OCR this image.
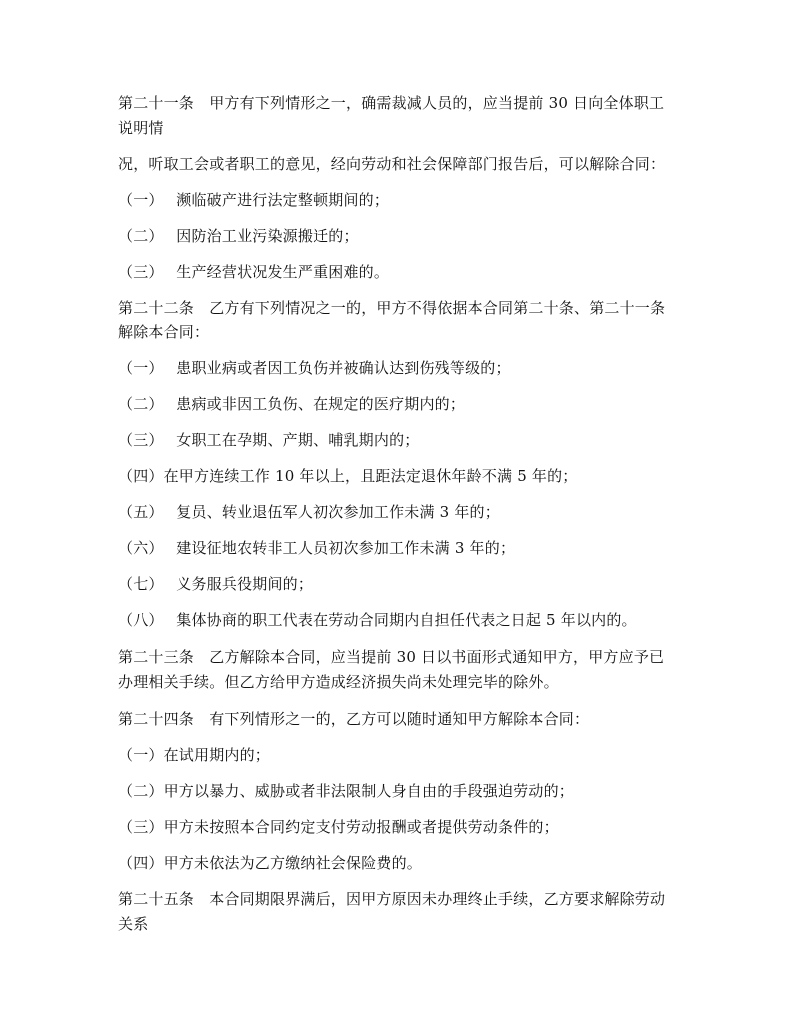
第二十一条　甲方有下列情形之一，确需裁减人员的，应当提前 30 日向全体职工
说明情
况，听取工会或者职工的意见，经向劳动和社会保障部门报告后，可以解除合同：
（一）　 濒临破产进行法定整顿期间的；
（二）　 因防治工业污染源搬迁的；
（三）　 生产经营状况发生严重困难的。
第二十二条　乙方有下列情况之一的，甲方不得依据本合同第二十条、第二十一条
解除本合同：
（一）　 患职业病或者因工负伤并被确认达到伤残等级的；
（二）　 患病或非因工负伤、在规定的医疗期内的；
（三）　 女职工在孕期、产期、哺乳期内的；
（四）在甲方连续工作 10 年以上，且距法定退休年龄不满 5 年的；
（五）　 复员、转业退伍军人初次参加工作未满 3 年的；
（六）　 建设征地农转非工人员初次参加工作未满 3 年的；
（七）　 义务服兵役期间的；
（八）　 集体协商的职工代表在劳动合同期内自担任代表之日起 5 年以内的。
第二十三条　乙方解除本合同，应当提前 30 日以书面形式通知甲方，甲方应予已
办理相关手续。但乙方给甲方造成经济损失尚未处理完毕的除外。
第二十四条　有下列情形之一的，乙方可以随时通知甲方解除本合同：
（一）在试用期内的；
（二）甲方以暴力、威胁或者非法限制人身自由的手段强迫劳动的；
（三）甲方未按照本合同约定支付劳动报酬或者提供劳动条件的；
（四）甲方未依法为乙方缴纳社会保险费的。
第二十五条　本合同期限界满后，因甲方原因未办理终止手续，乙方要求解除劳动
关系
